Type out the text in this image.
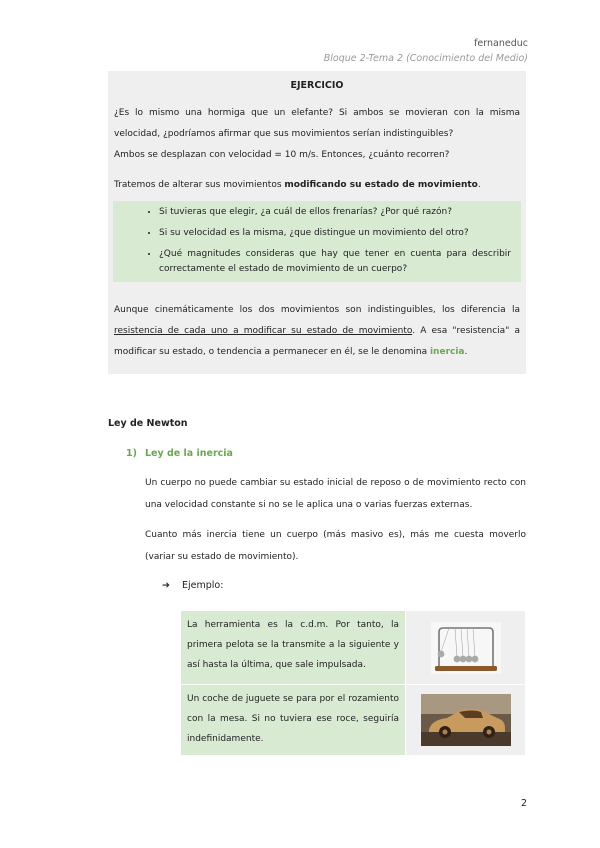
fernaneduc
Bloque 2-Tema 2 (Conocimiento del Medio)
EJERCICIO

¿Es lo mismo una hormiga que un elefante? Si ambos se movieran con la misma velocidad, ¿podríamos afirmar que sus movimientos serían indistinguibles?
Ambos se desplazan con velocidad = 10 m/s. Entonces, ¿cuánto recorren?

Tratemos de alterar sus movimientos modificando su estado de movimiento.

• Si tuvieras que elegir, ¿a cuál de ellos frenarías? ¿Por qué razón?
• Si su velocidad es la misma, ¿que distingue un movimiento del otro?
• ¿Qué magnitudes consideras que hay que tener en cuenta para describir correctamente el estado de movimiento de un cuerpo?

Aunque cinemáticamente los dos movimientos son indistinguibles, los diferencia la resistencia de cada uno a modificar su estado de movimiento. A esa "resistencia" a modificar su estado, o tendencia a permanecer en él, se le denomina inercia.

Ley de Newton
1) Ley de la inercia
Un cuerpo no puede cambiar su estado inicial de reposo o de movimiento recto con una velocidad constante si no se le aplica una o varias fuerzas externas.
Cuanto más inercia tiene un cuerpo (más masivo es), más me cuesta moverlo (variar su estado de movimiento).
➔ Ejemplo:
La herramienta es la c.d.m. Por tanto, la primera pelota se la transmite a la siguiente y así hasta la última, que sale impulsada.
Un coche de juguete se para por el rozamiento con la mesa. Si no tuviera ese roce, seguiría indefinidamente.
2
